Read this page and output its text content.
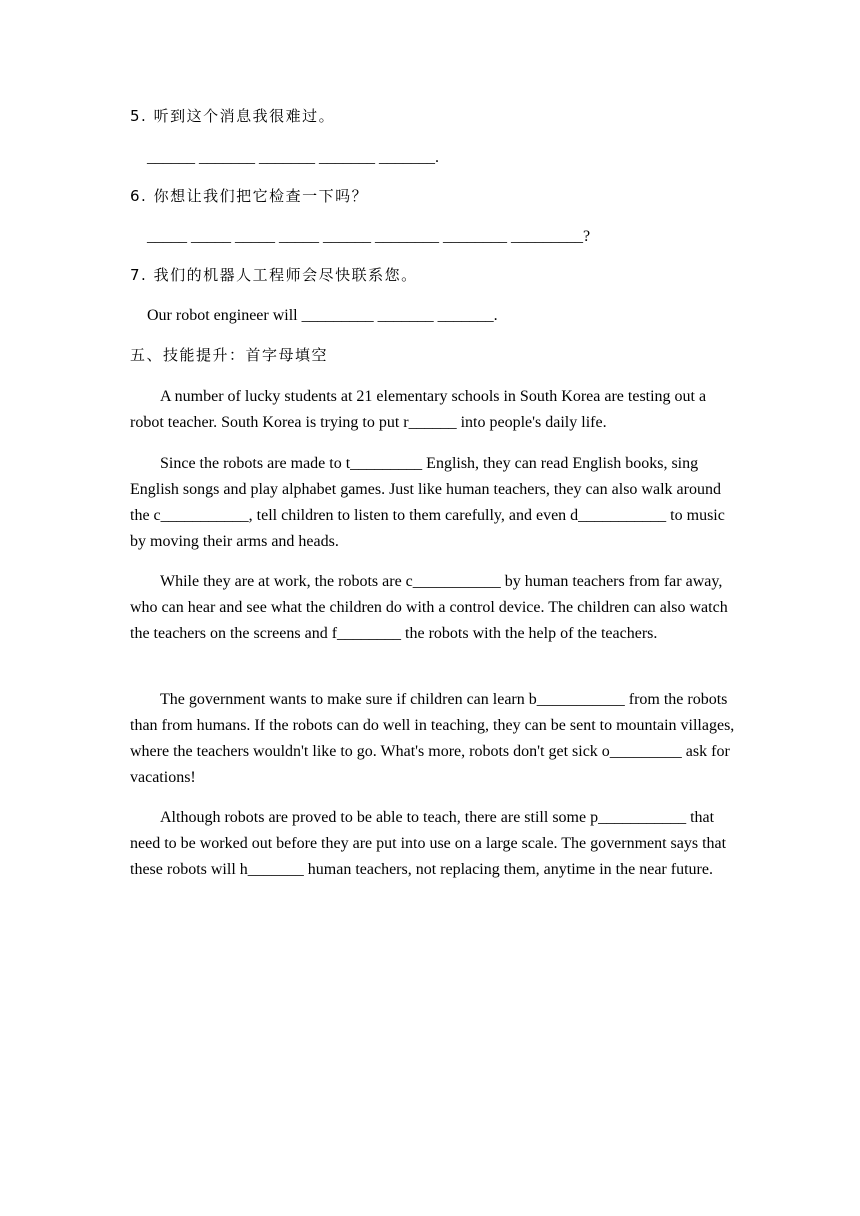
5. 听到这个消息我很难过。
______ _______ _______ _______ _______.
6. 你想让我们把它检查一下吗？
_____ _____ _____ _____ ______ ________ ________ _________?
7. 我们的机器人工程师会尽快联系您。
Our robot engineer will _________ _______ _______.
五、技能提升：首字母填空
A number of lucky students at 21 elementary schools in South Korea are testing out a robot teacher. South Korea is trying to put r______ into people's daily life.
Since the robots are made to t_________ English, they can read English books, sing English songs and play alphabet games. Just like human teachers, they can also walk around the c___________, tell children to listen to them carefully, and even d___________ to music by moving their arms and heads.
While they are at work, the robots are c___________ by human teachers from far away, who can hear and see what the children do with a control device. The children can also watch the teachers on the screens and f________ the robots with the help of the teachers.
The government wants to make sure if children can learn b___________ from the robots than from humans. If the robots can do well in teaching, they can be sent to mountain villages, where the teachers wouldn't like to go. What's more, robots don't get sick o_________ ask for vacations!
Although robots are proved to be able to teach, there are still some p___________ that need to be worked out before they are put into use on a large scale. The government says that these robots will h_______ human teachers, not replacing them, anytime in the near future.
